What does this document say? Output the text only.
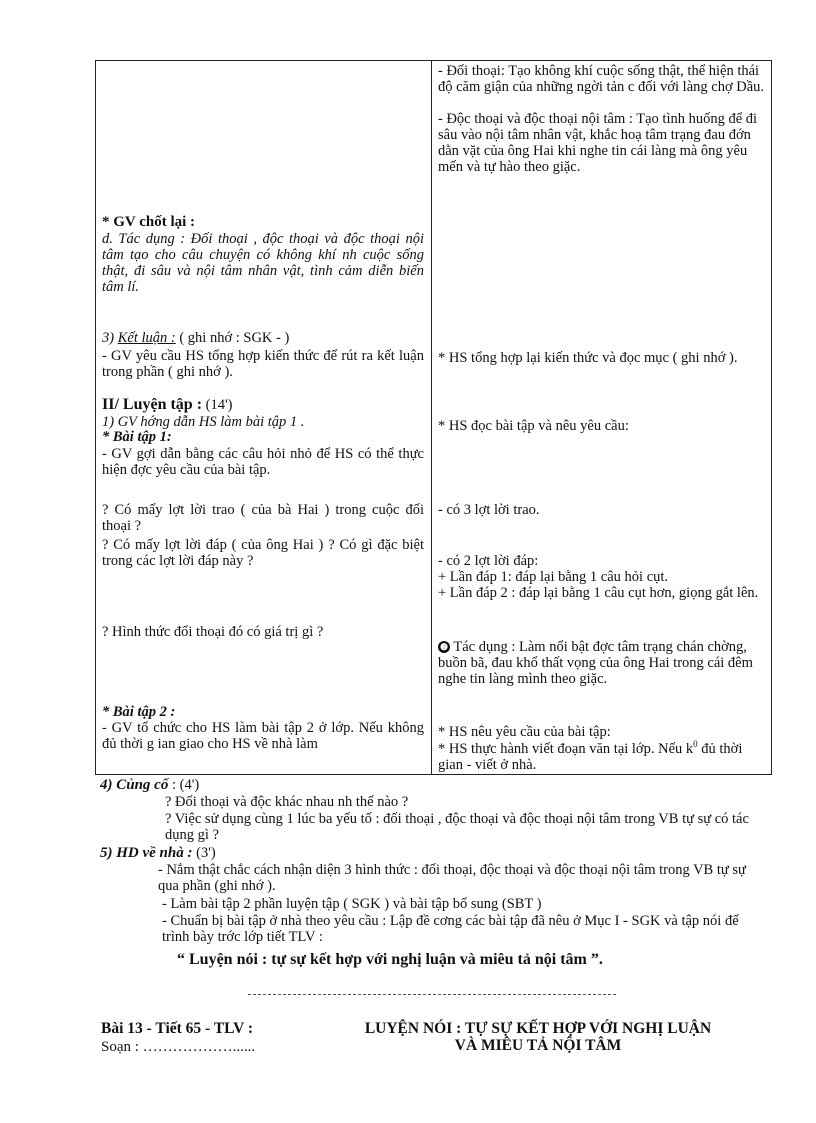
- Đối thoại: Tạo không khí cuộc sống thật, thể hiện thái độ căm giận của những ngời tản c đối với làng chợ Dầu.

- Độc thoại và độc thoại nội tâm : Tạo tình huống để đi sâu vào nội tâm nhân vật, khắc hoạ tâm trạng đau đớn dằn vặt của ông Hai khi nghe tin cái làng mà ông yêu mến và tự hào theo giặc.

* GV chốt lại :

d. Tác dụng : Đối thoại , độc thoại và độc thoại nội tâm tạo cho câu chuyện có không khí nh cuộc sống thật, đi sâu và nội tâm nhân vật, tình cảm diễn biến tâm lí.

3) Kết luận : ( ghi nhớ : SGK - )

- GV yêu cầu HS tổng hợp kiến thức để rút ra kết luận trong phần ( ghi nhớ ).

* HS tổng hợp lại kiến thức và đọc mục ( ghi nhớ ).

II/ Luyện tập : (14')

1) GV hớng dẫn HS làm bài tập 1 .

* Bài tập 1:

- GV gợi dẫn bằng các câu hỏi nhỏ để HS có thể thực hiện đợc yêu cầu của bài tập.

* HS đọc bài tập và nêu yêu cầu:

? Có mấy lợt lời trao ( của bà Hai ) trong cuộc đối thoại ?

- có 3 lợt lời trao.

? Có mấy lợt lời đáp ( của ông Hai ) ? Có gì đặc biệt trong các lợt lời đáp này ?	- có 2 lợt lời đáp:

+ Lần đáp 1: đáp lại bằng 1 câu hỏi cụt.

+ Lần đáp 2 : đáp lại bằng 1 câu cụt hơn, giọng gắt lên.

? Hình thức đối thoại đó có giá trị gì ?

❷ Tác dụng : Làm nổi bật đợc tâm trạng chán chờng, buồn bã, đau khổ thất vọng của ông Hai trong cái đêm nghe tin làng mình theo giặc.

* Bài tập 2 :

- GV tổ chức cho HS làm bài tập 2 ở lớp. Nếu không đủ thời g ian giao cho HS về nhà làm

* HS nêu yêu cầu của bài tập:

* HS thực hành viết đoạn văn tại lớp. Nếu $k^0$ đủ thời gian - viết ở nhà.

4) Củng cố : (4')

? Đối thoại và độc khác nhau nh thế nào ?

? Việc sử dụng cùng 1 lúc ba yếu tố : đối thoại , độc thoại và độc thoại nội tâm trong VB tự sự có tác dụng gì ?

5) HD về nhà : (3')

- Nắm thật chắc cách nhận diện 3 hình thức : đối thoại, độc thoại và độc thoại nội tâm trong VB tự sự qua phần (ghi nhớ ).

- Làm bài tập 2 phần luyện tập ( SGK ) và bài tập bổ sung (SBT )

- Chuẩn bị bài tập ở nhà theo yêu cầu : Lập đề cơng các bài tập đã nêu ở Mục I - SGK và tập nói để trình bày trớc lớp tiết TLV :

“ Luyện nói : tự sự kết hợp với nghị luận và miêu tả nội tâm ”.

Bài 13 - Tiết 65 - TLV :

Soạn : ………………......

LUYỆN NÓI : TỰ SỰ KẾT HỢP VỚI NGHỊ LUẬN

VÀ MIÊU TẢ NỘI TÂM
